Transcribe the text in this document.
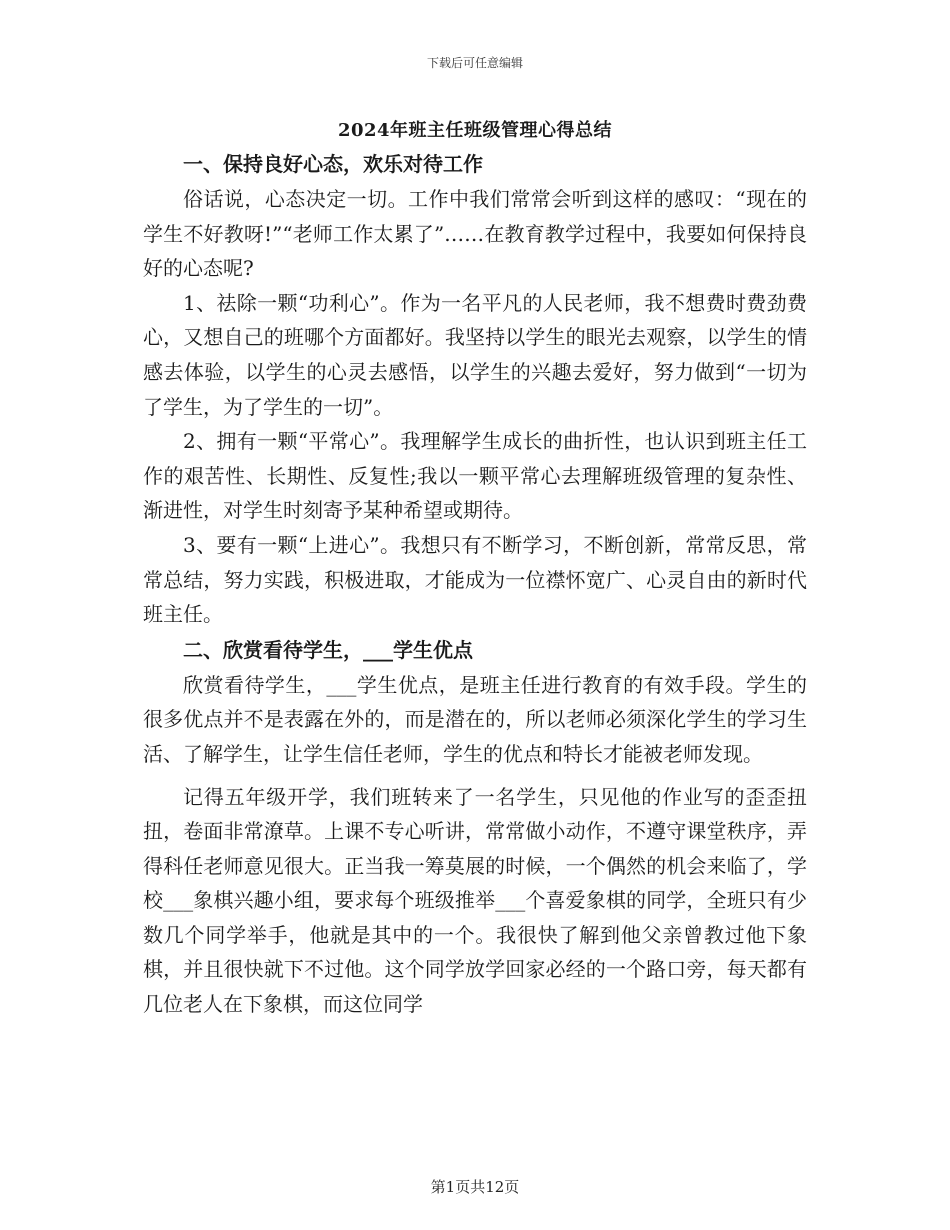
下载后可任意编辑
2024年班主任班级管理心得总结
一、保持良好心态，欢乐对待工作

俗话说，心态决定一切。工作中我们常常会听到这样的感叹：“现在的学生不好教呀!”“老师工作太累了”……在教育教学过程中，我要如何保持良好的心态呢?

1、祛除一颗“功利心”。作为一名平凡的人民老师，我不想费时费劲费心，又想自己的班哪个方面都好。我坚持以学生的眼光去观察，以学生的情感去体验，以学生的心灵去感悟，以学生的兴趣去爱好，努力做到“一切为了学生，为了学生的一切”。

2、拥有一颗“平常心”。我理解学生成长的曲折性，也认识到班主任工作的艰苦性、长期性、反复性;我以一颗平常心去理解班级管理的复杂性、渐进性，对学生时刻寄予某种希望或期待。

3、要有一颗“上进心”。我想只有不断学习，不断创新，常常反思，常常总结，努力实践，积极进取，才能成为一位襟怀宽广、心灵自由的新时代班主任。

二、欣赏看待学生，___学生优点

欣赏看待学生，___学生优点，是班主任进行教育的有效手段。学生的很多优点并不是表露在外的，而是潜在的，所以老师必须深化学生的学习生活、了解学生，让学生信任老师，学生的优点和特长才能被老师发现。

记得五年级开学，我们班转来了一名学生，只见他的作业写的歪歪扭扭，卷面非常潦草。上课不专心听讲，常常做小动作，不遵守课堂秩序，弄得科任老师意见很大。正当我一筹莫展的时候，一个偶然的机会来临了，学校___象棋兴趣小组，要求每个班级推举___个喜爱象棋的同学，全班只有少数几个同学举手，他就是其中的一个。我很快了解到他父亲曾教过他下象棋，并且很快就下不过他。这个同学放学回家必经的一个路口旁，每天都有几位老人在下象棋，而这位同学

第1页共12页
